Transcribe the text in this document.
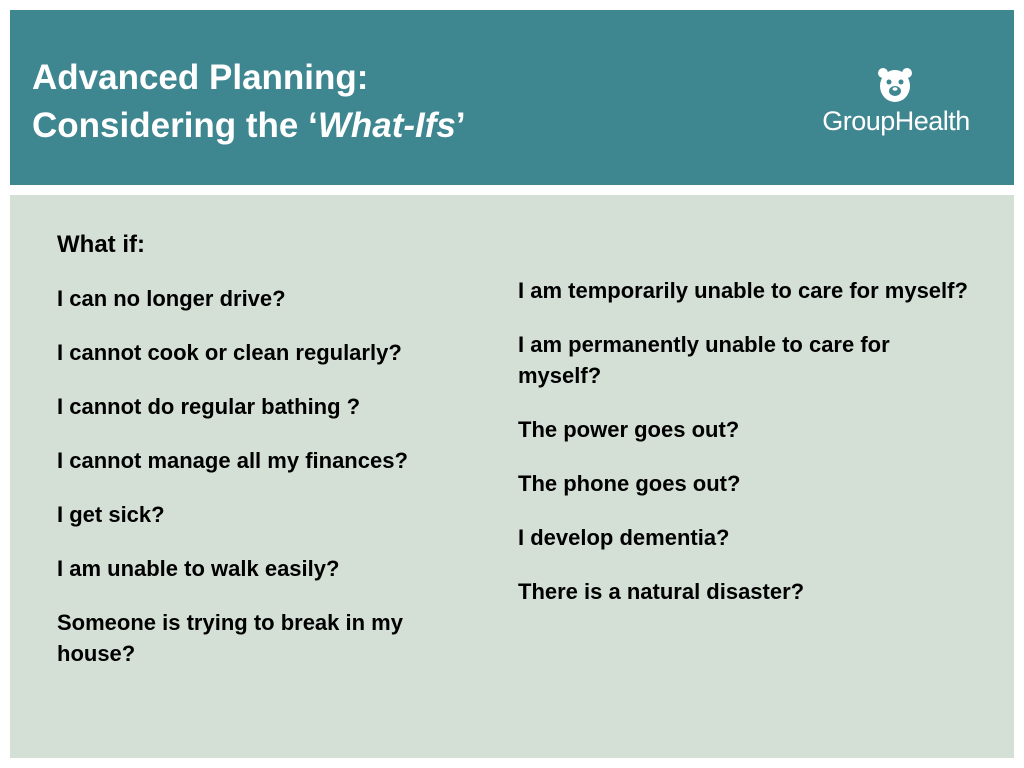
Advanced Planning:
Considering the ‘What-Ifs’	GroupHealth
What if:
I can no longer drive?
I cannot cook or clean regularly?
I cannot do regular bathing ?
I cannot manage all my finances?
I get sick?
I am unable to walk easily?
Someone is trying to break in my house?
I am temporarily unable to care for myself?
I am permanently unable to care for myself?
The power goes out?
The phone goes out?
I develop dementia?
There is a natural disaster?
